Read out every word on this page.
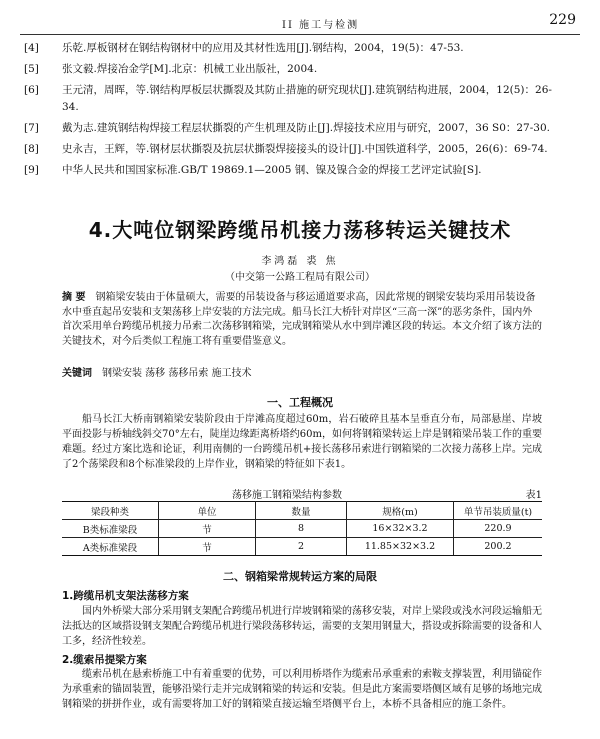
II 施工与检测	229
[4] 乐乾.厚板钢材在钢结构钢材中的应用及其材性选用[J].钢结构，2004，19(5)：47-53.
[5] 张文毅.焊接冶金学[M].北京：机械工业出版社，2004.
[6] 王元清，周晖，等.钢结构厚板层状撕裂及其防止措施的研究现状[J].建筑钢结构进展，2004，12(5)：26-34.
[7] 戴为志.建筑钢结构焊接工程层状撕裂的产生机理及防止[J].焊接技术应用与研究，2007，36 S0：27-30.
[8] 史永吉，王辉，等.钢材层状撕裂及抗层状撕裂焊接接头的设计[J].中国铁道科学，2005，26(6)：69-74.
[9] 中华人民共和国国家标准.GB/T 19869.1—2005 钢、镍及镍合金的焊接工艺评定试验[S].
4.大吨位钢梁跨缆吊机接力荡移转运关键技术
李鸿磊 裘 焦
（中交第一公路工程局有限公司）
摘 要 钢箱梁安装由于体量硕大，需要的吊装设备与移运通道要求高，因此常规的钢梁安装均采用吊装设备水中垂直起吊安装和支架荡移上岸安装的方法完成。船马长江大桥针对岸区“三高一深”的恶劣条件，国内外首次采用单台跨缆吊机接力吊索二次荡移钢箱梁，完成钢箱梁从水中到岸滩区段的转运。本文介绍了该方法的关键技术，对今后类似工程施工将有重要借鉴意义。
关键词 钢梁安装 荡移 荡移吊索 施工技术
一、工程概况
船马长江大桥南钢箱梁安装阶段由于岸滩高度超过60m，岩石破碎且基本呈垂直分布，局部悬崖、岸坡平面投影与桥轴线斜交70°左右，陡崖边缘距离桥塔约60m，如何将钢箱梁转运上岸是钢箱梁吊装工作的重要难题。经过方案比选和论证，利用南侧的一台跨缆吊机+接长荡移吊索进行钢箱梁的二次接力荡移上岸。完成了2个荡梁段和8个标准梁段的上岸作业，钢箱梁的特征如下表1。
荡移施工钢箱梁结构参数	表1
梁段种类	单位	数量	规格(m)	单节吊装质量(t)
B类标准梁段	节	8	16×32×3.2	220.9
A类标准梁段	节	2	11.85×32×3.2	200.2
二、钢箱梁常规转运方案的局限
1.跨缆吊机支架法荡移方案
国内外桥梁大部分采用钢支架配合跨缆吊机进行岸坡钢箱梁的荡移安装，对岸上梁段或浅水河段运输船无法抵达的区域搭设钢支架配合跨缆吊机进行梁段荡移转运，需要的支架用钢量大，搭设或拆除需要的设备和人工多，经济性较差。
2.缆索吊提梁方案
缆索吊机在悬索桥施工中有着重要的优势，可以利用桥塔作为缆索吊承重索的索鞍支撑装置，利用锚碇作为承重索的锚固装置，能够沿梁行走并完成钢箱梁的转运和安装。但是此方案需要塔侧区域有足够的场地完成钢箱梁的拼拼作业，或有需要将加工好的钢箱梁直接运输至塔侧平台上，本桥不具备相应的施工条件。
